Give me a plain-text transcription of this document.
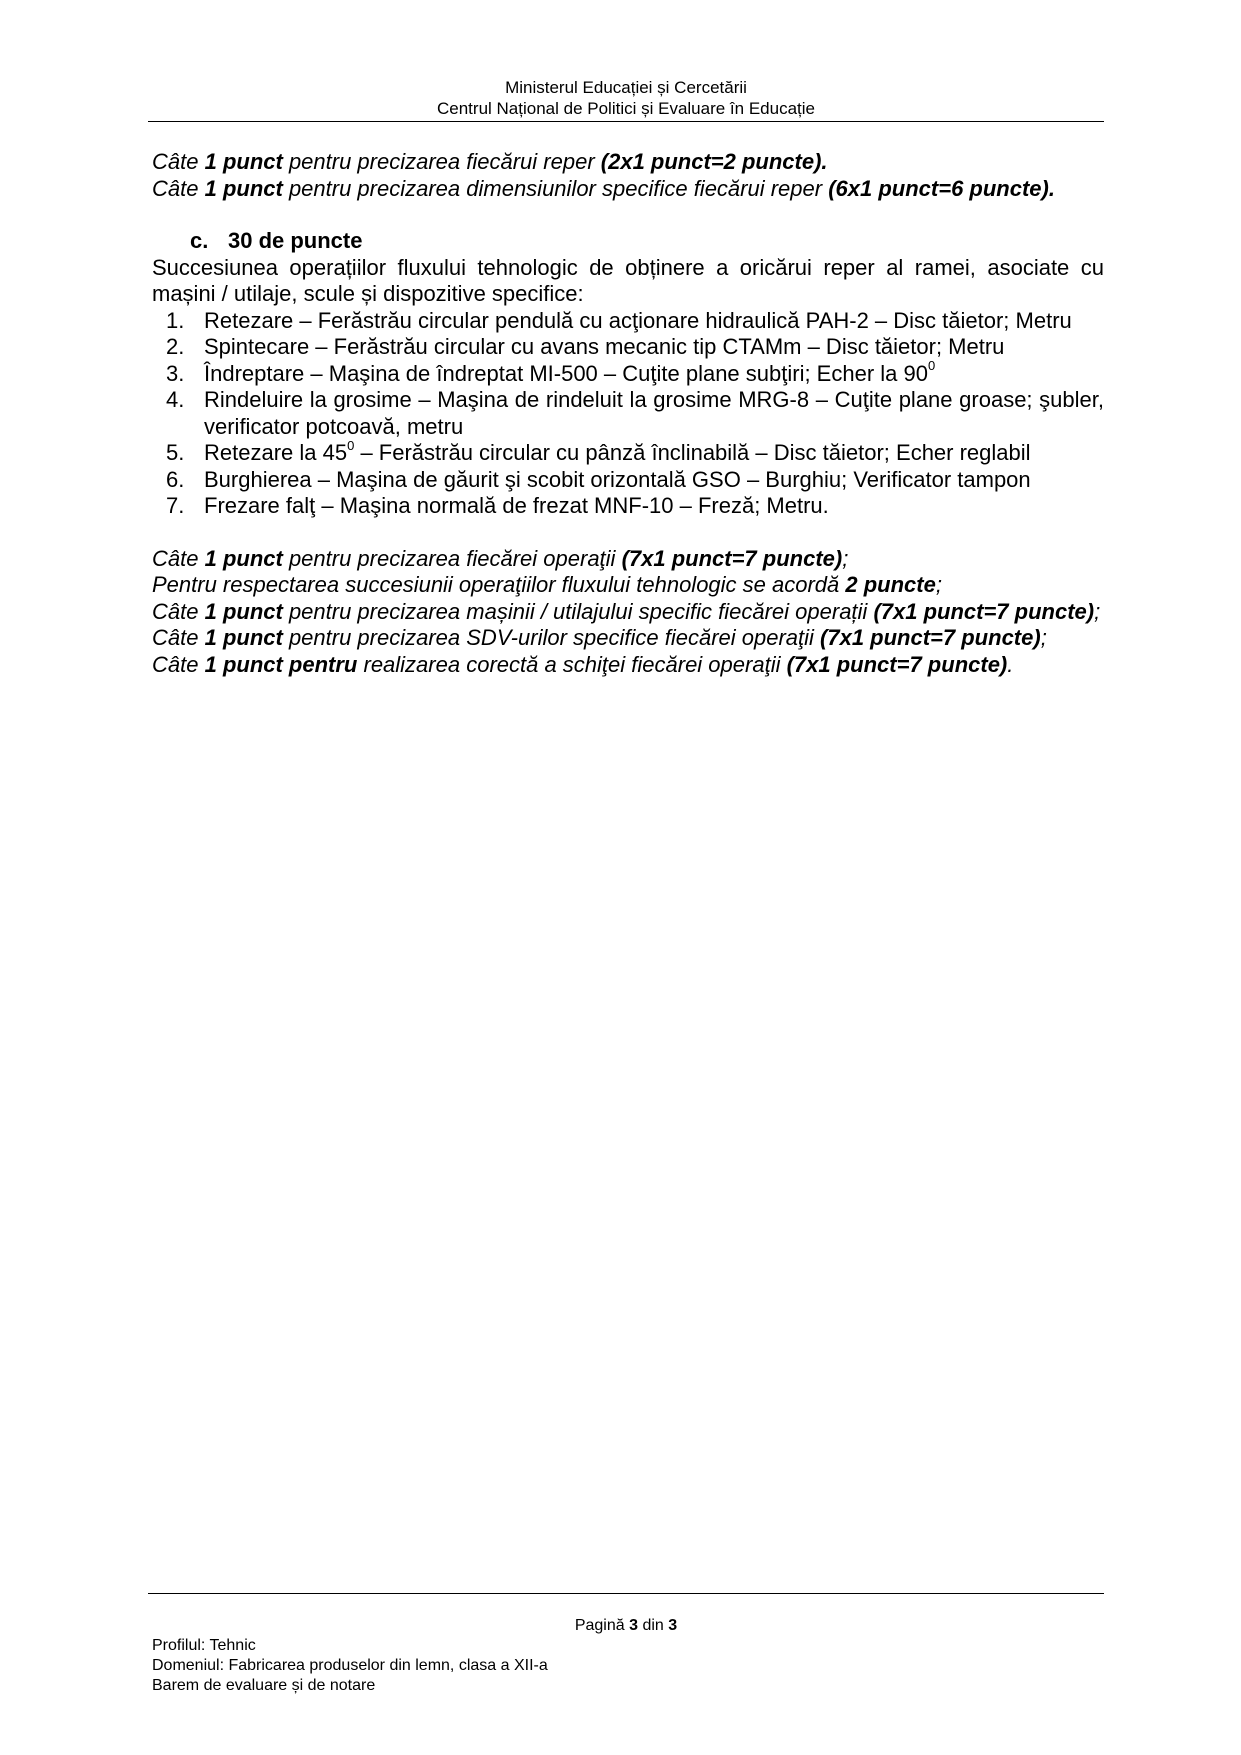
Ministerul Educației și Cercetării
Centrul Național de Politici și Evaluare în Educație

Câte 1 punct pentru precizarea fiecărui reper (2x1 punct=2 puncte).

Câte 1 punct pentru precizarea dimensiunilor specifice fiecărui reper (6x1 punct=6 puncte).

c. 30 de puncte

Succesiunea operațiilor fluxului tehnologic de obținere a oricărui reper al ramei, asociate cu mașini / utilaje, scule și dispozitive specifice:

1. Retezare – Ferăstrău circular pendulă cu acţionare hidraulică PAH-2 – Disc tăietor; Metru
2. Spintecare – Ferăstrău circular cu avans mecanic tip CTAMm – Disc tăietor; Metru
3. Îndreptare – Maşina de îndreptat MI-500 – Cuţite plane subţiri; Echer la $90^0$
4. Rindeluire la grosime – Maşina de rindeluit la grosime MRG-8 – Cuţite plane groase; şubler, verificator potcoavă, metru
5. Retezare la $45^0$ – Ferăstrău circular cu pânză înclinabilă – Disc tăietor; Echer reglabil
6. Burghierea – Maşina de găurit şi scobit orizontală GSO – Burghiu; Verificator tampon
7. Frezare falţ – Maşina normală de frezat MNF-10 – Freză; Metru.

Câte 1 punct pentru precizarea fiecărei operaţii (7x1 punct=7 puncte);

Pentru respectarea succesiunii operaţiilor fluxului tehnologic se acordă 2 puncte;

Câte 1 punct pentru precizarea mașinii / utilajului specific fiecărei operații (7x1 punct=7 puncte);

Câte 1 punct pentru precizarea SDV-urilor specifice fiecărei operaţii (7x1 punct=7 puncte);

Câte 1 punct pentru realizarea corectă a schiţei fiecărei operaţii (7x1 punct=7 puncte).

Pagină 3 din 3
Profilul: Tehnic
Domeniul: Fabricarea produselor din lemn, clasa a XII-a
Barem de evaluare și de notare
